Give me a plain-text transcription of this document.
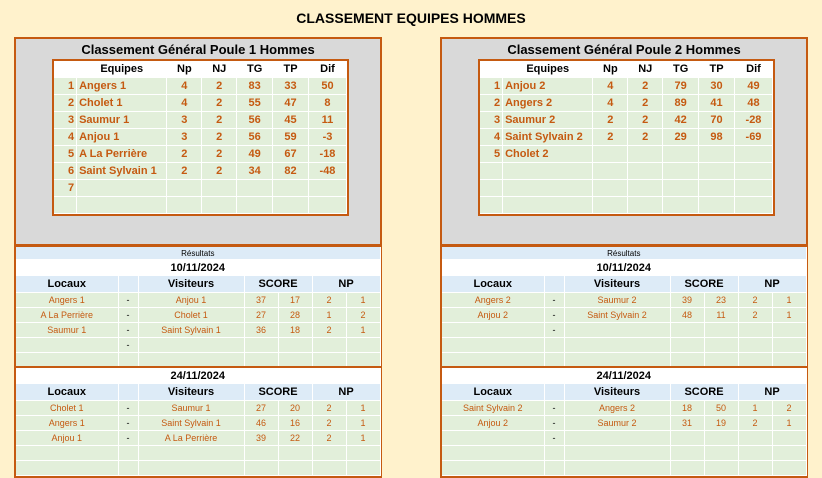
CLASSEMENT EQUIPES HOMMES
Classement Général Poule 1 Hommes
	Equipes	Np	NJ	TG	TP	Dif
1	Angers 1	4	2	83	33	50
2	Cholet 1	4	2	55	47	8
3	Saumur 1	3	2	56	45	11
4	Anjou 1	3	2	56	59	-3
5	A La Perrière	2	2	49	67	-18
6	Saint Sylvain 1	2	2	34	82	-48
7						

Résultats						
10/11/2024						
Locaux		Visiteurs	SCORE		NP	
Angers 1	-	Anjou 1	37	17	2	1
A La Perrière	-	Cholet 1	27	28	1	2
Saumur 1	-	Saint Sylvain 1	36	18	2	1
	-					

24/11/2024						
Locaux		Visiteurs	SCORE		NP	
Cholet 1	-	Saumur 1	27	20	2	1
Angers 1	-	Saint Sylvain 1	46	16	2	1
Anjou 1	-	A La Perrière	39	22	2	1

Classement Général Poule 2 Hommes
	Equipes	Np	NJ	TG	TP	Dif
1	Anjou 2	4	2	79	30	49
2	Angers 2	4	2	89	41	48
3	Saumur 2	2	2	42	70	-28
4	Saint Sylvain 2	2	2	29	98	-69
5	Cholet 2					

Résultats						
10/11/2024						
Locaux		Visiteurs	SCORE		NP	
Angers 2	-	Saumur 2	39	23	2	1
Anjou 2	-	Saint Sylvain 2	48	11	2	1
	-					

24/11/2024						
Locaux		Visiteurs	SCORE		NP	
Saint Sylvain 2	-	Angers 2	18	50	1	2
Anjou 2	-	Saumur 2	31	19	2	1
	-					
